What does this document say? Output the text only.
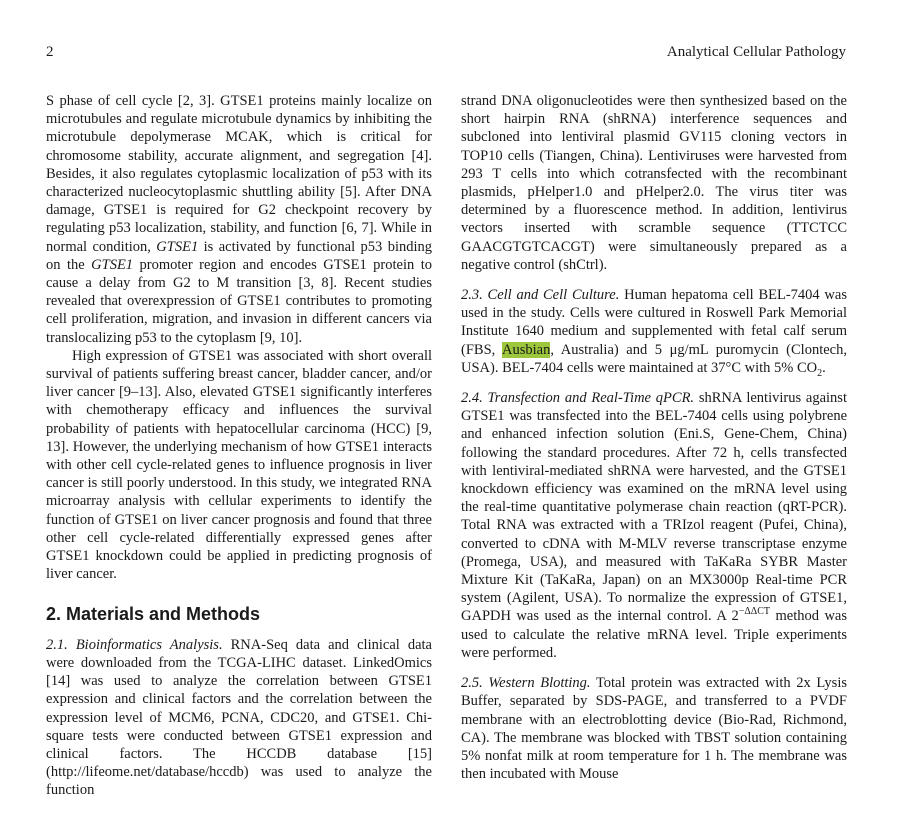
2	Analytical Cellular Pathology

S phase of cell cycle [2, 3]. GTSE1 proteins mainly localize on microtubules and regulate microtubule dynamics by inhibiting the microtubule depolymerase MCAK, which is critical for chromosome stability, accurate alignment, and segregation [4]. Besides, it also regulates cytoplasmic localization of p53 with its characterized nucleocytoplasmic shuttling ability [5]. After DNA damage, GTSE1 is required for G2 checkpoint recovery by regulating p53 localization, stability, and function [6, 7]. While in normal condition, GTSE1 is activated by functional p53 binding on the GTSE1 promoter region and encodes GTSE1 protein to cause a delay from G2 to M transition [3, 8]. Recent studies revealed that overexpression of GTSE1 contributes to promoting cell proliferation, migration, and invasion in different cancers via translocalizing p53 to the cytoplasm [9, 10].

High expression of GTSE1 was associated with short overall survival of patients suffering breast cancer, bladder cancer, and/or liver cancer [9–13]. Also, elevated GTSE1 significantly interferes with chemotherapy efficacy and influences the survival probability of patients with hepatocellular carcinoma (HCC) [9, 13]. However, the underlying mechanism of how GTSE1 interacts with other cell cycle-related genes to influence prognosis in liver cancer is still poorly understood. In this study, we integrated RNA microarray analysis with cellular experiments to identify the function of GTSE1 on liver cancer prognosis and found that three other cell cycle-related differentially expressed genes after GTSE1 knockdown could be applied in predicting prognosis of liver cancer.

2. Materials and Methods

2.1. Bioinformatics Analysis. RNA-Seq data and clinical data were downloaded from the TCGA-LIHC dataset. LinkedOmics [14] was used to analyze the correlation between GTSE1 expression and clinical factors and the correlation between the expression level of MCM6, PCNA, CDC20, and GTSE1. Chi-square tests were conducted between GTSE1 expression and clinical factors. The HCCDB database [15] (http://lifeome.net/database/hccdb) was used to analyze the function

strand DNA oligonucleotides were then synthesized based on the short hairpin RNA (shRNA) interference sequences and subcloned into lentiviral plasmid GV115 cloning vectors in TOP10 cells (Tiangen, China). Lentiviruses were harvested from 293 T cells into which cotransfected with the recombinant plasmids, pHelper1.0 and pHelper2.0. The virus titer was determined by a fluorescence method. In addition, lentivirus vectors inserted with scramble sequence (TTCTCC GAACGTGTCACGT) were simultaneously prepared as a negative control (shCtrl).

2.3. Cell and Cell Culture. Human hepatoma cell BEL-7404 was used in the study. Cells were cultured in Roswell Park Memorial Institute 1640 medium and supplemented with fetal calf serum (FBS, Ausbian, Australia) and 5 μg/mL puromycin (Clontech, USA). BEL-7404 cells were maintained at 37°C with 5% $CO_2$.

2.4. Transfection and Real-Time qPCR. shRNA lentivirus against GTSE1 was transfected into the BEL-7404 cells using polybrene and enhanced infection solution (Eni.S, Gene-Chem, China) following the standard procedures. After 72 h, cells transfected with lentiviral-mediated shRNA were harvested, and the GTSE1 knockdown efficiency was examined on the mRNA level using the real-time quantitative polymerase chain reaction (qRT-PCR). Total RNA was extracted with a TRIzol reagent (Pufei, China), converted to cDNA with M-MLV reverse transcriptase enzyme (Promega, USA), and measured with TaKaRa SYBR Master Mixture Kit (TaKaRa, Japan) on an MX3000p Real-time PCR system (Agilent, USA). To normalize the expression of GTSE1, GAPDH was used as the internal control. A $2^{-\Delta\Delta CT}$ method was used to calculate the relative mRNA level. Triple experiments were performed.

2.5. Western Blotting. Total protein was extracted with 2x Lysis Buffer, separated by SDS-PAGE, and transferred to a PVDF membrane with an electroblotting device (Bio-Rad, Richmond, CA). The membrane was blocked with TBST solution containing 5% nonfat milk at room temperature for 1 h. The membrane was then incubated with Mouse
